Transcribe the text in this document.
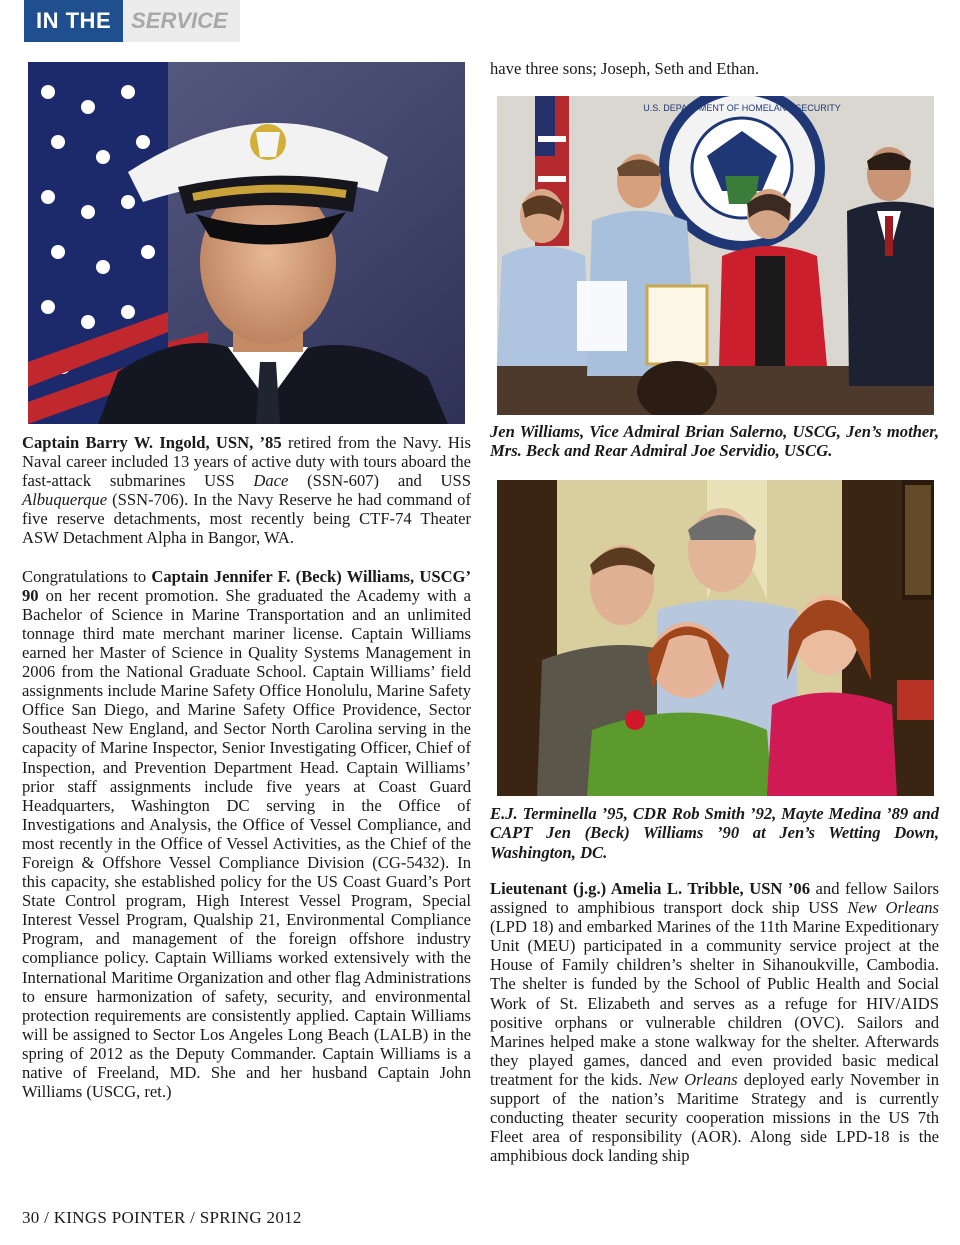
IN THE SERVICE

Captain Barry W. Ingold, USN, ’85 retired from the Navy. His Naval career included 13 years of active duty with tours aboard the fast-attack submarines USS Dace (SSN-607) and USS Albuquerque (SSN-706). In the Navy Reserve he had command of five reserve detachments, most recently being CTF-74 Theater ASW Detachment Alpha in Bangor, WA.

Congratulations to Captain Jennifer F. (Beck) Williams, USCG’ 90 on her recent promotion. She graduated the Academy with a Bachelor of Science in Marine Transportation and an unlimited tonnage third mate merchant mariner license. Captain Williams earned her Master of Science in Quality Systems Management in 2006 from the National Graduate School. Captain Williams’ field assignments include Marine Safety Office Honolulu, Marine Safety Office San Diego, and Marine Safety Office Providence, Sector Southeast New England, and Sector North Carolina serving in the capacity of Marine Inspector, Senior Investigating Officer, Chief of Inspection, and Prevention Department Head. Captain Williams’ prior staff assignments include five years at Coast Guard Headquarters, Washington DC serving in the Office of Investigations and Analysis, the Office of Vessel Compliance, and most recently in the Office of Vessel Activities, as the Chief of the Foreign & Offshore Vessel Compliance Division (CG-5432). In this capacity, she established policy for the US Coast Guard’s Port State Control program, High Interest Vessel Program, Special Interest Vessel Program, Qualship 21, Environmental Compliance Program, and management of the foreign offshore industry compliance policy. Captain Williams worked extensively with the International Maritime Organization and other flag Administrations to ensure harmonization of safety, security, and environmental protection requirements are consistently applied. Captain Williams will be assigned to Sector Los Angeles Long Beach (LALB) in the spring of 2012 as the Deputy Commander. Captain Williams is a native of Freeland, MD. She and her husband Captain John Williams (USCG, ret.)

have three sons; Joseph, Seth and Ethan.

U.S. DEPARTMENT OF HOMELAND SECURITY
Jen Williams, Vice Admiral Brian Salerno, USCG, Jen’s mother, Mrs. Beck and Rear Admiral Joe Servidio, USCG.
E.J. Terminella ’95, CDR Rob Smith ’92, Mayte Medina ’89 and CAPT Jen (Beck) Williams ’90 at Jen’s Wetting Down, Washington, DC.

Lieutenant (j.g.) Amelia L. Tribble, USN ’06 and fellow Sailors assigned to amphibious transport dock ship USS New Orleans (LPD 18) and embarked Marines of the 11th Marine Expeditionary Unit (MEU) participated in a community service project at the House of Family children’s shelter in Sihanoukville, Cambodia. The shelter is funded by the School of Public Health and Social Work of St. Elizabeth and serves as a refuge for HIV/AIDS positive orphans or vulnerable children (OVC). Sailors and Marines helped make a stone walkway for the shelter. Afterwards they played games, danced and even provided basic medical treatment for the kids. New Orleans deployed early November in support of the nation’s Maritime Strategy and is currently conducting theater security cooperation missions in the US 7th Fleet area of responsibility (AOR). Along side LPD-18 is the amphibious dock landing ship

30 / KINGS POINTER / SPRING 2012
